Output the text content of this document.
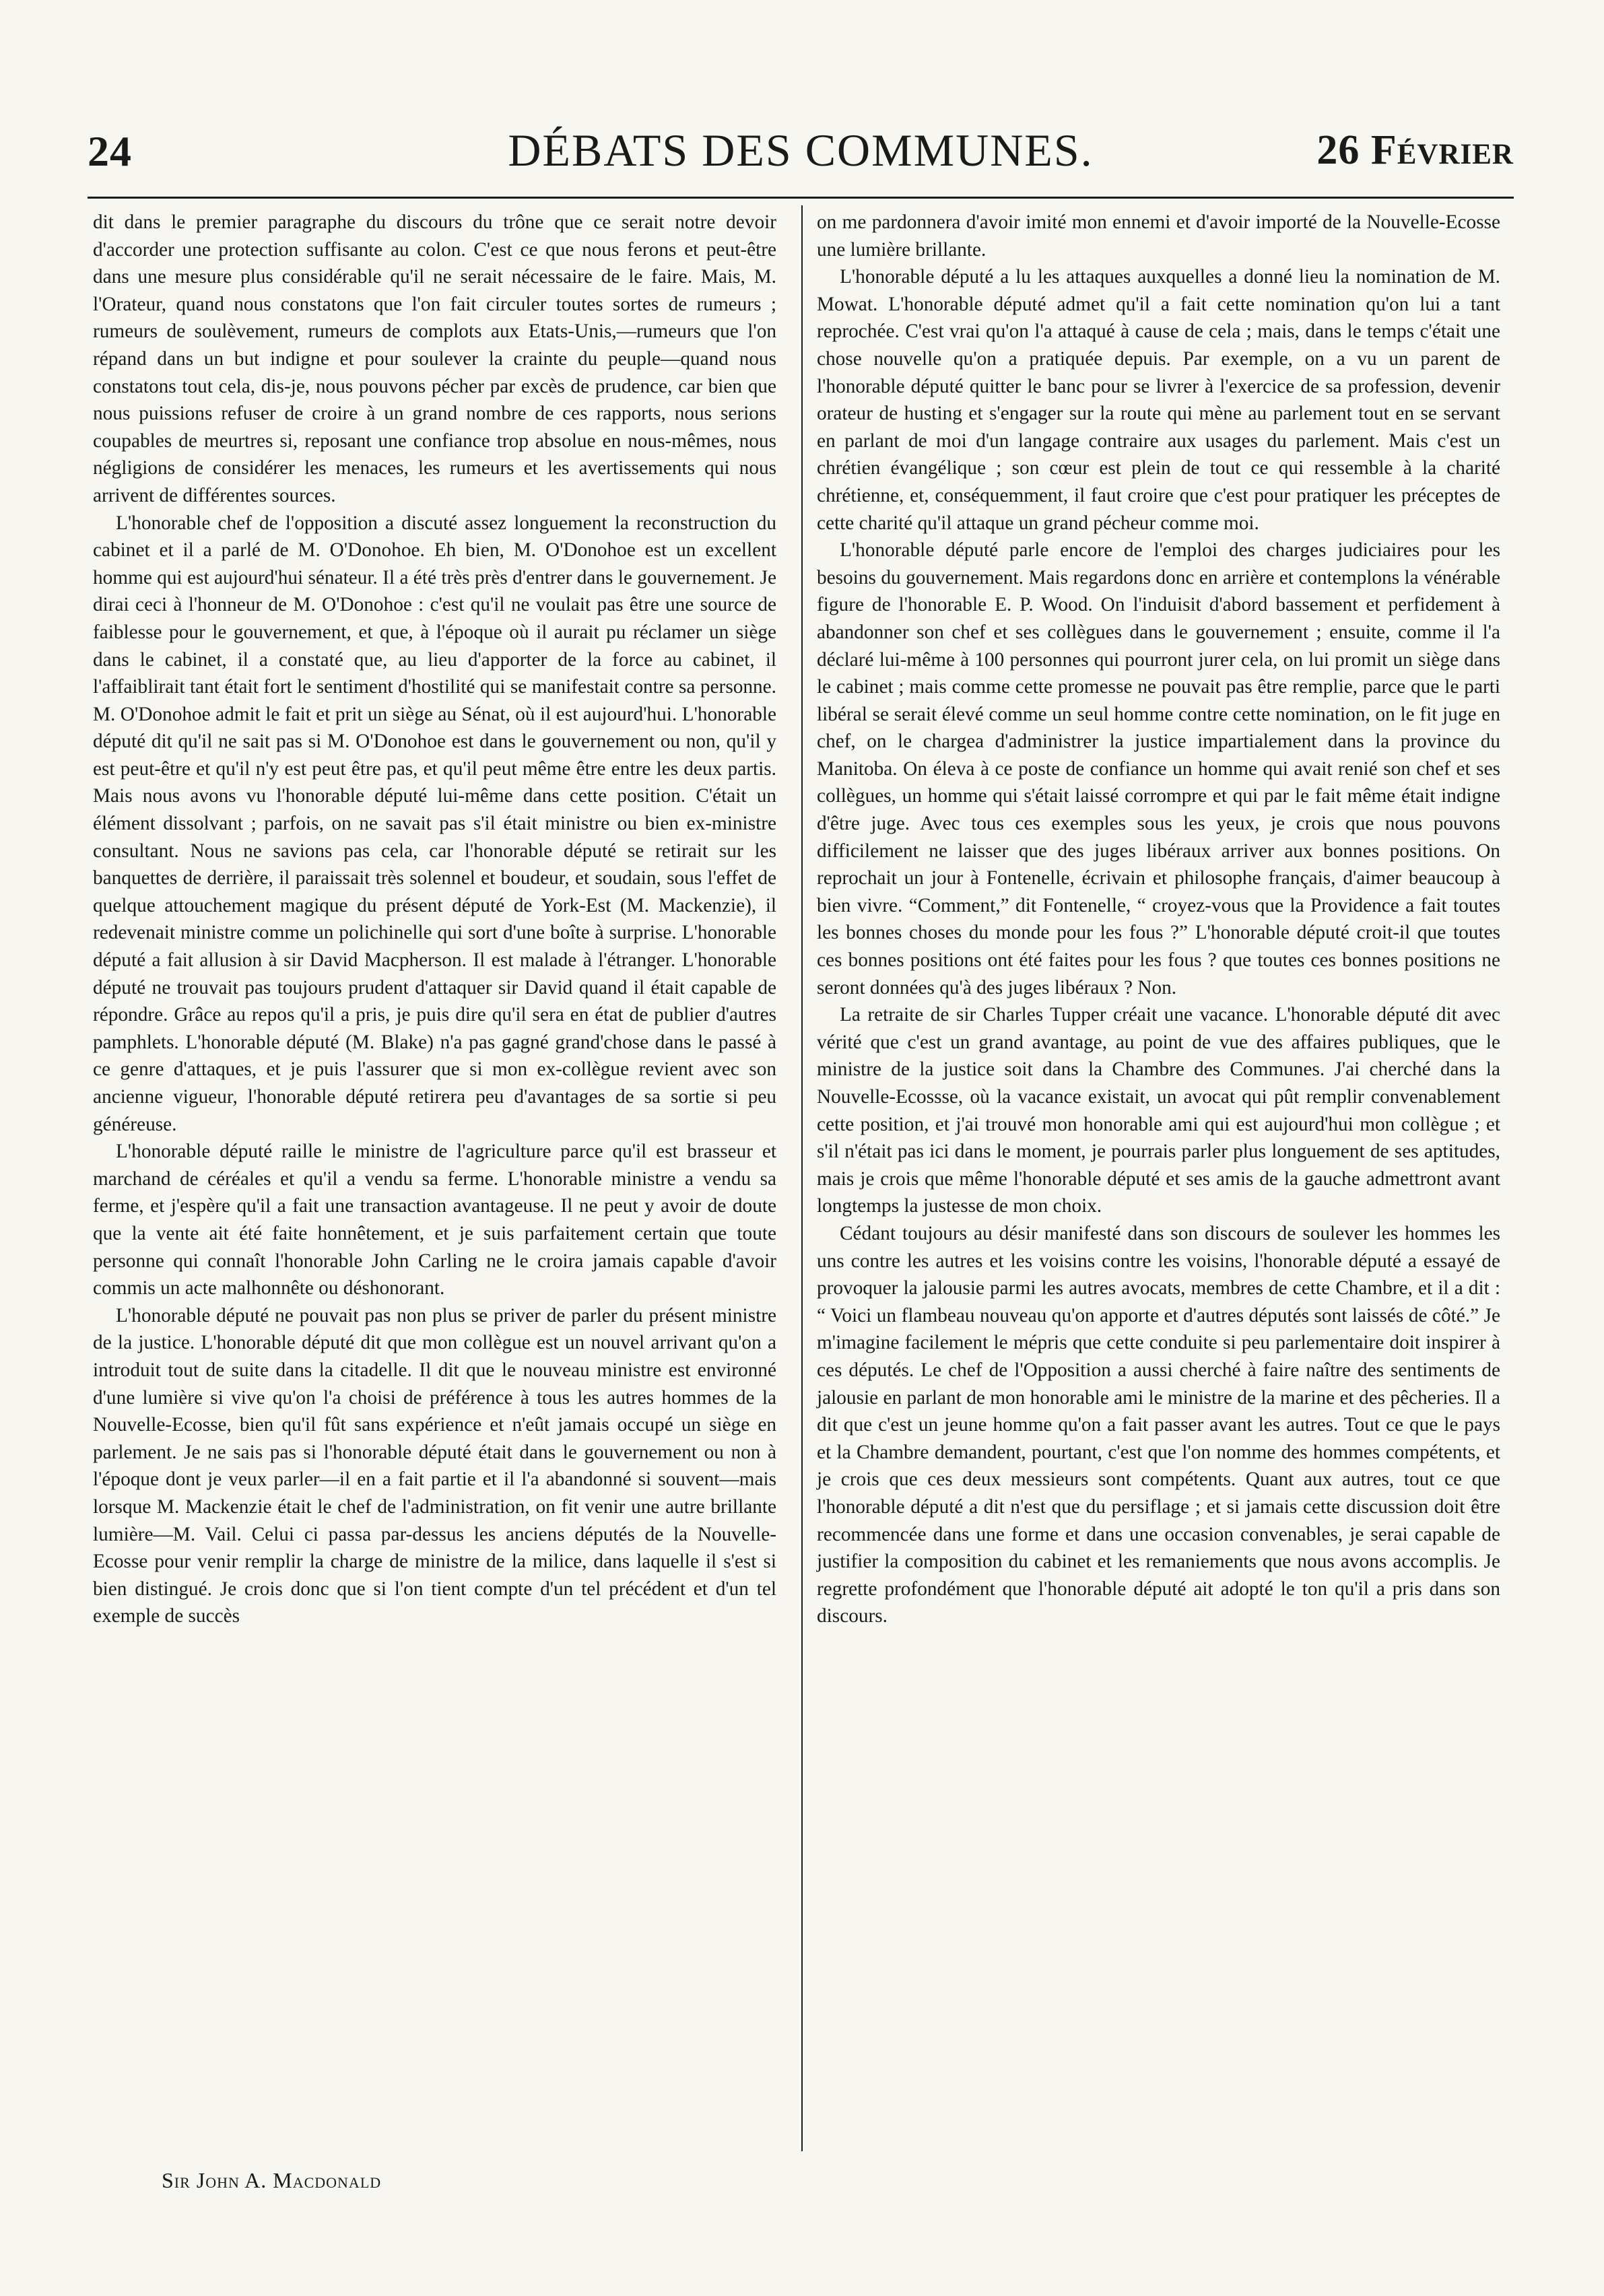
24	DÉBATS DES COMMUNES.	26 Février

dit dans le premier paragraphe du discours du trône que ce serait notre devoir d'accorder une protection suffisante au colon. C'est ce que nous ferons et peut-être dans une mesure plus considérable qu'il ne serait nécessaire de le faire. Mais, M. l'Orateur, quand nous constatons que l'on fait circuler toutes sortes de rumeurs ; rumeurs de soulèvement, rumeurs de complots aux Etats-Unis,—rumeurs que l'on répand dans un but indigne et pour soulever la crainte du peuple—quand nous constatons tout cela, dis-je, nous pouvons pécher par excès de prudence, car bien que nous puissions refuser de croire à un grand nombre de ces rapports, nous serions coupables de meurtres si, reposant une confiance trop absolue en nous-mêmes, nous négligions de considérer les menaces, les rumeurs et les avertissements qui nous arrivent de différentes sources.

L'honorable chef de l'opposition a discuté assez longuement la reconstruction du cabinet et il a parlé de M. O'Donohoe. Eh bien, M. O'Donohoe est un excellent homme qui est aujourd'hui sénateur. Il a été très près d'entrer dans le gouvernement. Je dirai ceci à l'honneur de M. O'Donohoe : c'est qu'il ne voulait pas être une source de faiblesse pour le gouvernement, et que, à l'époque où il aurait pu réclamer un siège dans le cabinet, il a constaté que, au lieu d'apporter de la force au cabinet, il l'affaiblirait tant était fort le sentiment d'hostilité qui se manifestait contre sa personne. M. O'Donohoe admit le fait et prit un siège au Sénat, où il est aujourd'hui. L'honorable député dit qu'il ne sait pas si M. O'Donohoe est dans le gouvernement ou non, qu'il y est peut-être et qu'il n'y est peut être pas, et qu'il peut même être entre les deux partis. Mais nous avons vu l'honorable député lui-même dans cette position. C'était un élément dissolvant ; parfois, on ne savait pas s'il était ministre ou bien ex-ministre consultant. Nous ne savions pas cela, car l'honorable député se retirait sur les banquettes de derrière, il paraissait très solennel et boudeur, et soudain, sous l'effet de quelque attouchement magique du présent député de York-Est (M. Mackenzie), il redevenait ministre comme un polichinelle qui sort d'une boîte à surprise. L'honorable député a fait allusion à sir David Macpherson. Il est malade à l'étranger. L'honorable député ne trouvait pas toujours prudent d'attaquer sir David quand il était capable de répondre. Grâce au repos qu'il a pris, je puis dire qu'il sera en état de publier d'autres pamphlets. L'honorable député (M. Blake) n'a pas gagné grand'chose dans le passé à ce genre d'attaques, et je puis l'assurer que si mon ex-collègue revient avec son ancienne vigueur, l'honorable député retirera peu d'avantages de sa sortie si peu généreuse.

L'honorable député raille le ministre de l'agriculture parce qu'il est brasseur et marchand de céréales et qu'il a vendu sa ferme. L'honorable ministre a vendu sa ferme, et j'espère qu'il a fait une transaction avantageuse. Il ne peut y avoir de doute que la vente ait été faite honnêtement, et je suis parfaitement certain que toute personne qui connaît l'honorable John Carling ne le croira jamais capable d'avoir commis un acte malhonnête ou déshonorant.

L'honorable député ne pouvait pas non plus se priver de parler du présent ministre de la justice. L'honorable député dit que mon collègue est un nouvel arrivant qu'on a introduit tout de suite dans la citadelle. Il dit que le nouveau ministre est environné d'une lumière si vive qu'on l'a choisi de préférence à tous les autres hommes de la Nouvelle-Ecosse, bien qu'il fût sans expérience et n'eût jamais occupé un siège en parlement. Je ne sais pas si l'honorable député était dans le gouvernement ou non à l'époque dont je veux parler—il en a fait partie et il l'a abandonné si souvent—mais lorsque M. Mackenzie était le chef de l'administration, on fit venir une autre brillante lumière—M. Vail. Celui ci passa par-dessus les anciens députés de la Nouvelle-Ecosse pour venir remplir la charge de ministre de la milice, dans laquelle il s'est si bien distingué. Je crois donc que si l'on tient compte d'un tel précédent et d'un tel exemple de succès

on me pardonnera d'avoir imité mon ennemi et d'avoir importé de la Nouvelle-Ecosse une lumière brillante.

L'honorable député a lu les attaques auxquelles a donné lieu la nomination de M. Mowat. L'honorable député admet qu'il a fait cette nomination qu'on lui a tant reprochée. C'est vrai qu'on l'a attaqué à cause de cela ; mais, dans le temps c'était une chose nouvelle qu'on a pratiquée depuis. Par exemple, on a vu un parent de l'honorable député quitter le banc pour se livrer à l'exercice de sa profession, devenir orateur de husting et s'engager sur la route qui mène au parlement tout en se servant en parlant de moi d'un langage contraire aux usages du parlement. Mais c'est un chrétien évangélique ; son cœur est plein de tout ce qui ressemble à la charité chrétienne, et, conséquemment, il faut croire que c'est pour pratiquer les préceptes de cette charité qu'il attaque un grand pécheur comme moi.

L'honorable député parle encore de l'emploi des charges judiciaires pour les besoins du gouvernement. Mais regardons donc en arrière et contemplons la vénérable figure de l'honorable E. P. Wood. On l'induisit d'abord bassement et perfidement à abandonner son chef et ses collègues dans le gouvernement ; ensuite, comme il l'a déclaré lui-même à 100 personnes qui pourront jurer cela, on lui promit un siège dans le cabinet ; mais comme cette promesse ne pouvait pas être remplie, parce que le parti libéral se serait élevé comme un seul homme contre cette nomination, on le fit juge en chef, on le chargea d'administrer la justice impartialement dans la province du Manitoba. On éleva à ce poste de confiance un homme qui avait renié son chef et ses collègues, un homme qui s'était laissé corrompre et qui par le fait même était indigne d'être juge. Avec tous ces exemples sous les yeux, je crois que nous pouvons difficilement ne laisser que des juges libéraux arriver aux bonnes positions. On reprochait un jour à Fontenelle, écrivain et philosophe français, d'aimer beaucoup à bien vivre. “Comment,” dit Fontenelle, “ croyez-vous que la Providence a fait toutes les bonnes choses du monde pour les fous ?” L'honorable député croit-il que toutes ces bonnes positions ont été faites pour les fous ? que toutes ces bonnes positions ne seront données qu'à des juges libéraux ? Non.

La retraite de sir Charles Tupper créait une vacance. L'honorable député dit avec vérité que c'est un grand avantage, au point de vue des affaires publiques, que le ministre de la justice soit dans la Chambre des Communes. J'ai cherché dans la Nouvelle-Ecossse, où la vacance existait, un avocat qui pût remplir convenablement cette position, et j'ai trouvé mon honorable ami qui est aujourd'hui mon collègue ; et s'il n'était pas ici dans le moment, je pourrais parler plus longuement de ses aptitudes, mais je crois que même l'honorable député et ses amis de la gauche admettront avant longtemps la justesse de mon choix.

Cédant toujours au désir manifesté dans son discours de soulever les hommes les uns contre les autres et les voisins contre les voisins, l'honorable député a essayé de provoquer la jalousie parmi les autres avocats, membres de cette Chambre, et il a dit : “ Voici un flambeau nouveau qu'on apporte et d'autres députés sont laissés de côté.” Je m'imagine facilement le mépris que cette conduite si peu parlementaire doit inspirer à ces députés. Le chef de l'Opposition a aussi cherché à faire naître des sentiments de jalousie en parlant de mon honorable ami le ministre de la marine et des pêcheries. Il a dit que c'est un jeune homme qu'on a fait passer avant les autres. Tout ce que le pays et la Chambre demandent, pourtant, c'est que l'on nomme des hommes compétents, et je crois que ces deux messieurs sont compétents. Quant aux autres, tout ce que l'honorable député a dit n'est que du persiflage ; et si jamais cette discussion doit être recommencée dans une forme et dans une occasion convenables, je serai capable de justifier la composition du cabinet et les remaniements que nous avons accomplis. Je regrette profondément que l'honorable député ait adopté le ton qu'il a pris dans son discours.

Sir John A. Macdonald
